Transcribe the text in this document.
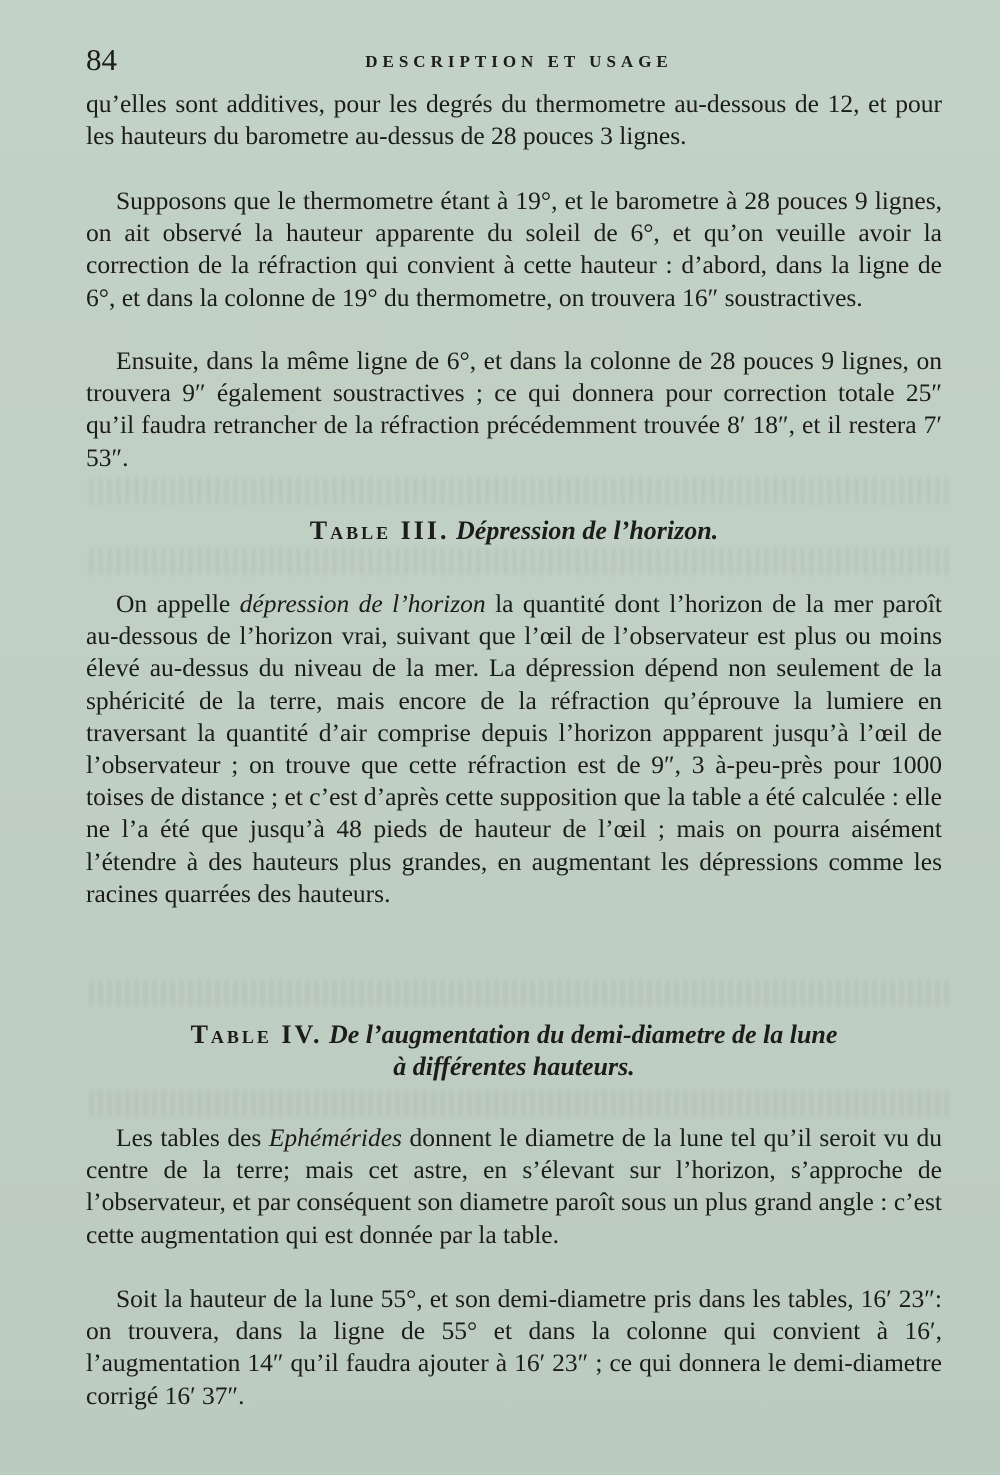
84	DESCRIPTION ET USAGE

qu’elles sont additives, pour les degrés du thermometre au-dessous de 12, et pour les hauteurs du barometre au-dessus de 28 pouces 3 lignes.

Supposons que le thermometre étant à 19°, et le barometre à 28 pouces 9 lignes, on ait observé la hauteur apparente du soleil de 6°, et qu’on veuille avoir la correction de la réfraction qui convient à cette hauteur : d’abord, dans la ligne de 6°, et dans la colonne de 19° du thermometre, on trouvera 16″ soustractives.

Ensuite, dans la même ligne de 6°, et dans la colonne de 28 pouces 9 lignes, on trouvera 9″ également soustractives ; ce qui donnera pour correction totale 25″ qu’il faudra retrancher de la réfraction précédemment trouvée 8′ 18″, et il restera 7′ 53″.

Table III. Dépression de l’horizon.

On appelle dépression de l’horizon la quantité dont l’horizon de la mer paroît au-dessous de l’horizon vrai, suivant que l’œil de l’observateur est plus ou moins élevé au-dessus du niveau de la mer. La dépression dépend non seulement de la sphéricité de la terre, mais encore de la réfraction qu’éprouve la lumiere en traversant la quantité d’air comprise depuis l’horizon appparent jusqu’à l’œil de l’observateur ; on trouve que cette réfraction est de 9″, 3 à-peu-près pour 1000 toises de distance ; et c’est d’après cette supposition que la table a été calculée : elle ne l’a été que jusqu’à 48 pieds de hauteur de l’œil ; mais on pourra aisément l’étendre à des hauteurs plus grandes, en augmentant les dépressions comme les racines quarrées des hauteurs.

Table IV. De l’augmentation du demi-diametre de la lune
à différentes hauteurs.

Les tables des Ephémérides donnent le diametre de la lune tel qu’il seroit vu du centre de la terre; mais cet astre, en s’élevant sur l’horizon, s’approche de l’observateur, et par conséquent son diametre paroît sous un plus grand angle : c’est cette augmentation qui est donnée par la table.

Soit la hauteur de la lune 55°, et son demi-diametre pris dans les tables, 16′ 23″: on trouvera, dans la ligne de 55° et dans la colonne qui convient à 16′, l’augmentation 14″ qu’il faudra ajouter à 16′ 23″ ; ce qui donnera le demi-diametre corrigé 16′ 37″.
